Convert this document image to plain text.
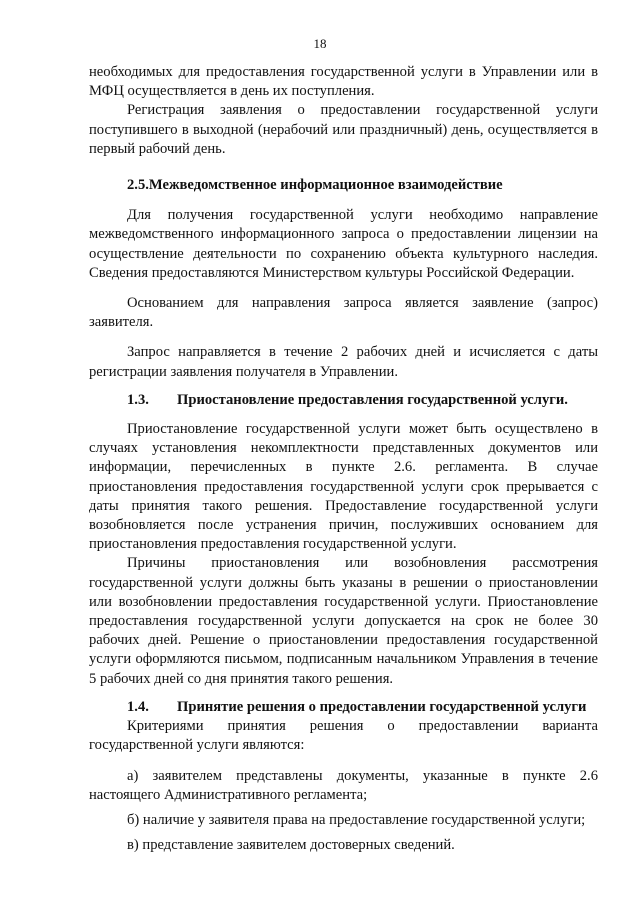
18

необходимых для предоставления государственной услуги в Управлении или в МФЦ осуществляется в день их поступления.

Регистрация заявления о предоставлении государственной услуги поступившего в выходной (нерабочий или праздничный) день, осуществляется в первый рабочий день.

2.5.Межведомственное информационное взаимодействие

Для получения государственной услуги необходимо направление межведомственного информационного запроса о предоставлении лицензии на осуществление деятельности по сохранению объекта культурного наследия. Сведения предоставляются Министерством культуры Российской Федерации.

Основанием для направления запроса является заявление (запрос) заявителя.

Запрос направляется в течение 2 рабочих дней и исчисляется с даты регистрации заявления получателя в Управлении.

1.3. Приостановление предоставления государственной услуги.

Приостановление государственной услуги может быть осуществлено в случаях установления некомплектности представленных документов или информации, перечисленных в пункте 2.6. регламента. В случае приостановления предоставления государственной услуги срок прерывается с даты принятия такого решения. Предоставление государственной услуги возобновляется после устранения причин, послуживших основанием для приостановления предоставления государственной услуги.

Причины приостановления или возобновления рассмотрения государственной услуги должны быть указаны в решении о приостановлении или возобновлении предоставления государственной услуги. Приостановление предоставления государственной услуги допускается на срок не более 30 рабочих дней. Решение о приостановлении предоставления государственной услуги оформляются письмом, подписанным начальником Управления в течение 5 рабочих дней со дня принятия такого решения.

1.4. Принятие решения о предоставлении государственной услуги

Критериями принятия решения о предоставлении варианта государственной услуги являются:

а) заявителем представлены документы, указанные в пункте 2.6 настоящего Административного регламента;

б) наличие у заявителя права на предоставление государственной услуги;

в) представление заявителем достоверных сведений.
